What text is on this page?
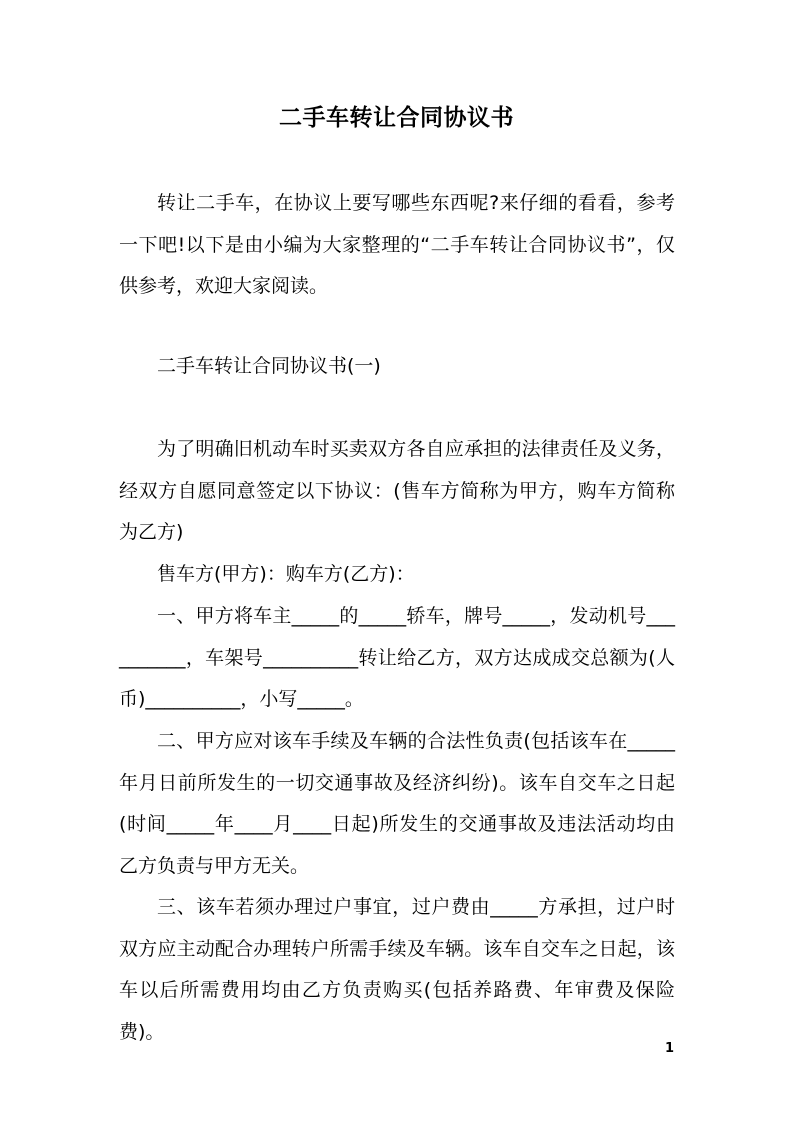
二手车转让合同协议书

转让二手车，在协议上要写哪些东西呢?来仔细的看看，参考一下吧!以下是由小编为大家整理的“二手车转让合同协议书”，仅供参考，欢迎大家阅读。

二手车转让合同协议书(一)

为了明确旧机动车时买卖双方各自应承担的法律责任及义务，经双方自愿同意签定以下协议：(售车方简称为甲方，购车方简称为乙方)

售车方(甲方)：购车方(乙方)：

一、甲方将车主_____的_____轿车，牌号_____，发动机号__________，车架号__________转让给乙方，双方达成成交总额为(人币)__________，小写_____。

二、甲方应对该车手续及车辆的合法性负责(包括该车在_____年月日前所发生的一切交通事故及经济纠纷)。该车自交车之日起(时间_____年____月____日起)所发生的交通事故及违法活动均由乙方负责与甲方无关。

三、该车若须办理过户事宜，过户费由_____方承担，过户时双方应主动配合办理转户所需手续及车辆。该车自交车之日起，该车以后所需费用均由乙方负责购买(包括养路费、年审费及保险费)。

1
